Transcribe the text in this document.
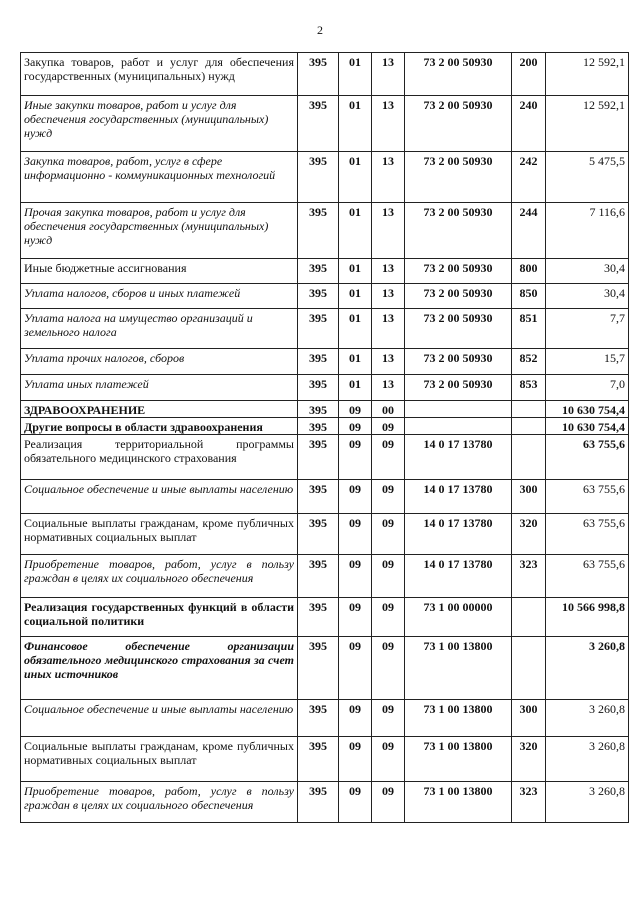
2
Закупка товаров, работ и услуг для обеспечения государственных (муниципальных) нужд	395	01	13	73 2 00 50930	200	12 592,1
Иные закупки товаров, работ и услуг для обеспечения государственных (муниципальных) нужд	395	01	13	73 2 00 50930	240	12 592,1
Закупка товаров, работ, услуг в сфере информационно - коммуникационных технологий	395	01	13	73 2 00 50930	242	5 475,5
Прочая закупка товаров, работ и услуг для обеспечения государственных (муниципальных) нужд	395	01	13	73 2 00 50930	244	7 116,6
Иные бюджетные ассигнования	395	01	13	73 2 00 50930	800	30,4
Уплата налогов, сборов и иных платежей	395	01	13	73 2 00 50930	850	30,4
Уплата налога на имущество организаций и земельного налога	395	01	13	73 2 00 50930	851	7,7
Уплата прочих налогов, сборов	395	01	13	73 2 00 50930	852	15,7
Уплата иных платежей	395	01	13	73 2 00 50930	853	7,0
ЗДРАВООХРАНЕНИЕ	395	09	00			10 630 754,4
Другие вопросы в области здравоохранения	395	09	09			10 630 754,4
Реализация территориальной программы обязательного медицинского страхования	395	09	09	14 0 17 13780		63 755,6
Социальное обеспечение и иные выплаты населению	395	09	09	14 0 17 13780	300	63 755,6
Социальные выплаты гражданам, кроме публичных нормативных социальных выплат	395	09	09	14 0 17 13780	320	63 755,6
Приобретение товаров, работ, услуг в пользу граждан в целях их социального обеспечения	395	09	09	14 0 17 13780	323	63 755,6
Реализация государственных функций в области социальной политики	395	09	09	73 1 00 00000		10 566 998,8
Финансовое обеспечение организации обязательного медицинского страхования за счет иных источников	395	09	09	73 1 00 13800		3 260,8
Социальное обеспечение и иные выплаты населению	395	09	09	73 1 00 13800	300	3 260,8
Социальные выплаты гражданам, кроме публичных нормативных социальных выплат	395	09	09	73 1 00 13800	320	3 260,8
Приобретение товаров, работ, услуг в пользу граждан в целях их социального обеспечения	395	09	09	73 1 00 13800	323	3 260,8
